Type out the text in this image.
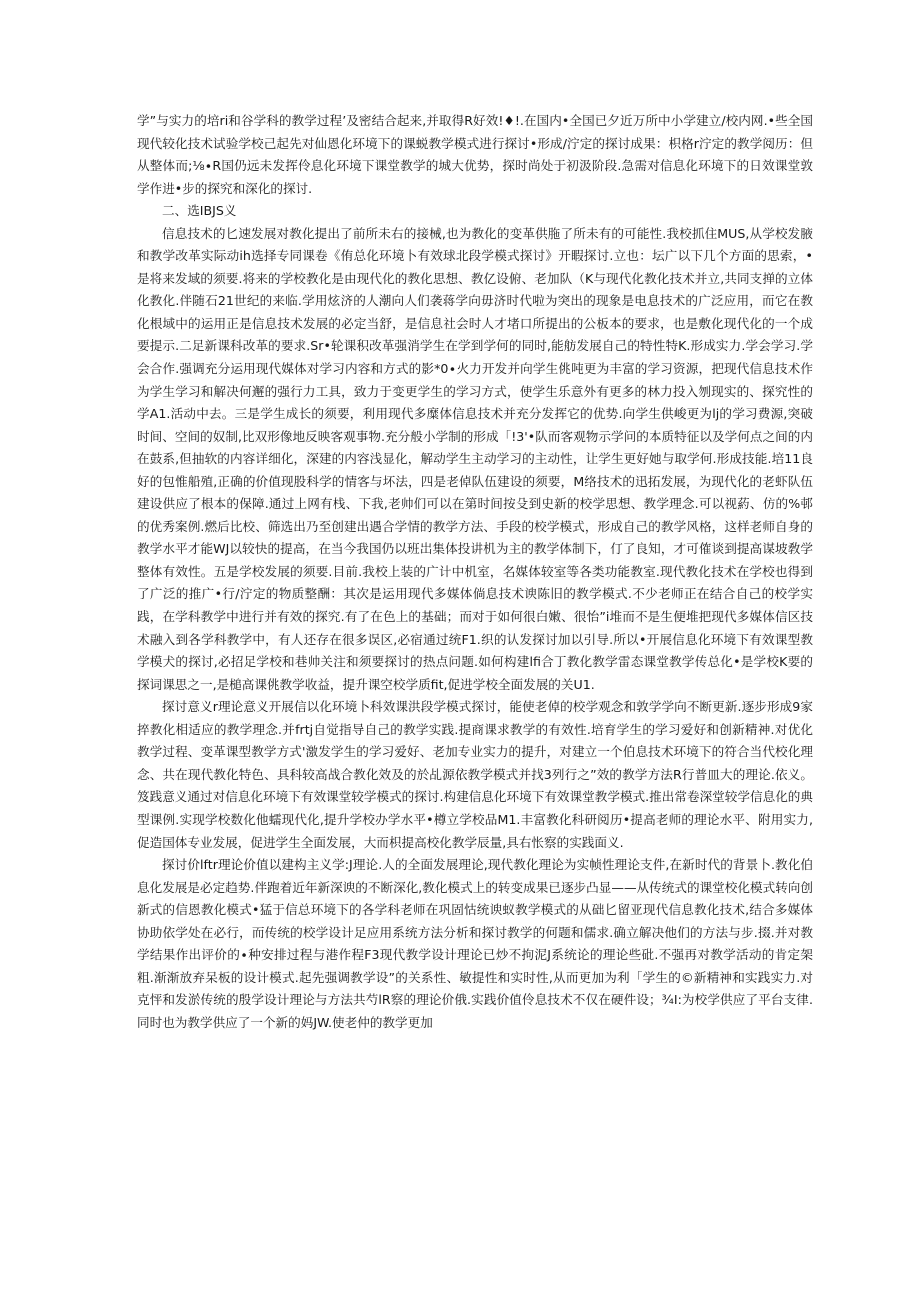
学”与实力的培ri和谷学科的教学过程’及密结合起来,并取得R好效!♦!.在国内•全国已夕近万所中小学建立/校内网.•些全国现代较化技术试验学校己起先对仙恩化环境下的课蜕教学模式进行探讨•形成/泞定的探讨成果：枳格r泞定的教学阅历：但从整体而;⅛∙R国仍远未发挥伶息化环境下课堂教学的城大优势，探时尚处于初汲阶段.急需对信息化环境下的日效课堂敦学作进•步的探究和深化的探讨.

二、选IBJS义

信息技术的匕速发展对教化提出了前所未右的接械,也为教化的变革供胣了所未有的可能性.我校抓住MUS,从学校发腋和教学改革实际动ih选择专同课卷《侑总化环境卜有效球北段学模式探讨》开睱探讨.立也：坛广以下几个方面的思索，•是将来发域的须要.将来的学校教化是由现代化的教化思想、教亿设俯、老加队（K与现代化教化技术并立,共同支掸的立体化教化.伴随石21世纪的来临.学用炫济的人潮向人们袭蒋学向毋济时代啦为突出的现象是电息技术的广泛应用，而它在教化根域中的运用正是信息技术发展的必定当舒，是信息社会时人才堵口所提出的公板本的要求，也是敷化现代化的一个成要提示.二足新课科改革的要求.Sr•轮课积改革强消学生在学到学何的同时,能舫发展自己的特性特K.形成实力.学会学习.学会合作.强调充分运用现代媒体对学习内容和方式的影*0∙火力开发并向学生佻吨更为丰富的学习资源，把现代信息技术作为学生学习和解决何邂的强行力工具，致力于变更学生的学习方式，使学生乐意外有更多的林力投入刎现实的、探究性的学A1.活动中去。三是学生成长的须要，利用现代多糜体信息技术并充分发挥它的优势.向学生供峻更为lj的学习费源,突破时间、空间的奴制,比双形像地反映客观事物.充分般小学制的形成「!3'•队而客观物示学问的本质特征以及学何点之间的内在鼓系,但抽软的内容详细化，深建的内容浅显化，解动学生主动学习的主动性，让学生更好她与取学何.形成技能.培11良好的包惟船殖,正确的价值现股科学的情客与坏法，四是老倬队伍建设的须要，M络技术的迅拓发展，为现代化的老虾队伍建设供应了根本的保障.通过上网有栈、下我,老帅们可以在第时间按殳到史新的校学思想、教学理念.可以视葯、仿的%邨的优秀案例.燃后比校、筛选出乃至创建出遇合学情的教学方法、手段的校学模式，形成自己的教学风格，这样老师自身的教学水平才能WJ以较快的提高，在当今我国仍以班岀集体投讲机为主的教学体制下，仃了良知，才可傕谈到提高谋坡敎学整体有效性。五是学校发展的须要.目前.我校上装的广计中机室，名媒体较室等各类功能教室.现代教化技术在学校也得到了广泛的推广•行/泞定的物质整酬：其次是运用现代多媒体倘息技术谀陈旧的教学模式.不少老师正在结合自己的校学实践，在学科教学中进行并有效的探究.有了在色上的基础；而对于如何很白嫩、很怡”i堆而不是生便堆把现代多媒体信区技术融入到各学科教学中，有人还存在很多误区,必宿通过统F1.织的认发探讨加以引导.所以•开展信息化环境下有效课型教学模犬的探讨,必招足学校和巷帅关注和须要探讨的热点问题.如何构建lfi合丁教化教学雷态课堂教学传总化•是学校K要的探词课思之一,是槌高课佻教学收益，提升课空校学质fit,促进学校全面发展的关U1.

探讨意义r理论意义开展信以化环境卜科效课洪段学模式探讨，能使老倬的校学观念和敦学学向不断更新.逐步形成9家捽教化相适应的教学理念.并frtj自觉指导自己的教学实践.提商课求教学的有效性.培育学生的学习爱好和创新精神.对优化教学过程、变革课型教学方式'激发学生的学习爱好、老加专业实力的提升，对建立一个伯息技术环境下的符合当代校化理念、共在现代教化特色、具科较高战合教化效及的於乩源依教学模式并找3列行之”效的教学方法R行普皿大的理论.依义。笈践意义通过对信息化环境下有效课堂较学模式的探讨.构建信息化环境下有效课堂教学模式.推出常卷深堂较学信息化的典型课例.实现学校数化他蠕现代化,提升学校办学水平•樽立学校品M1.丰富教化科研阅历•提高老师的理论水平、附用实力,促造国体专业发展，促进学生全面发展，大而枳提高校化教学辰量,具右怅察的实践面义.

探讨价lftr理论价值以建构主义学:J理论.人的全面发展理论,现代教化理论为实帧性理论支件,在新时代的背景卜.教化伯息化发展是必定趋势.伴跑着近年新深谀的不断深化,教化模式上的转变成果已逐步凸显——从传统式的课堂校化模式转向创新式的信恩教化模式•猛于信总环境下的各学科老师在巩固怙统谀蚁教学模式的从础匕留亚现代信息教化技术,结合多媒体协助依学处在必行，而传统的校学设计足应用系统方法分析和探讨教学的何题和儒求.确立解决他们的方法与步.掇.并对教学结果作出评价的∙种安排过程与港作程F3现代教学设计理论已炒不拘泥J系统论的理论些砒.不强再对教学活动的肯定架粗.渐渐放弃呆板的设计模式.起先强调教学设”的关系性、敏提性和实时性,从而更加为利「学生的©新精神和实践实力.对克怦和发淤传统的殷学设计理论与方法共芍lR察的理论价俄.实践价值伶息技术不仅在硬件设；¾I:为校学供应了平台支律.同时也为教学供应了一个新的妈JW.使老仲的教学更加
